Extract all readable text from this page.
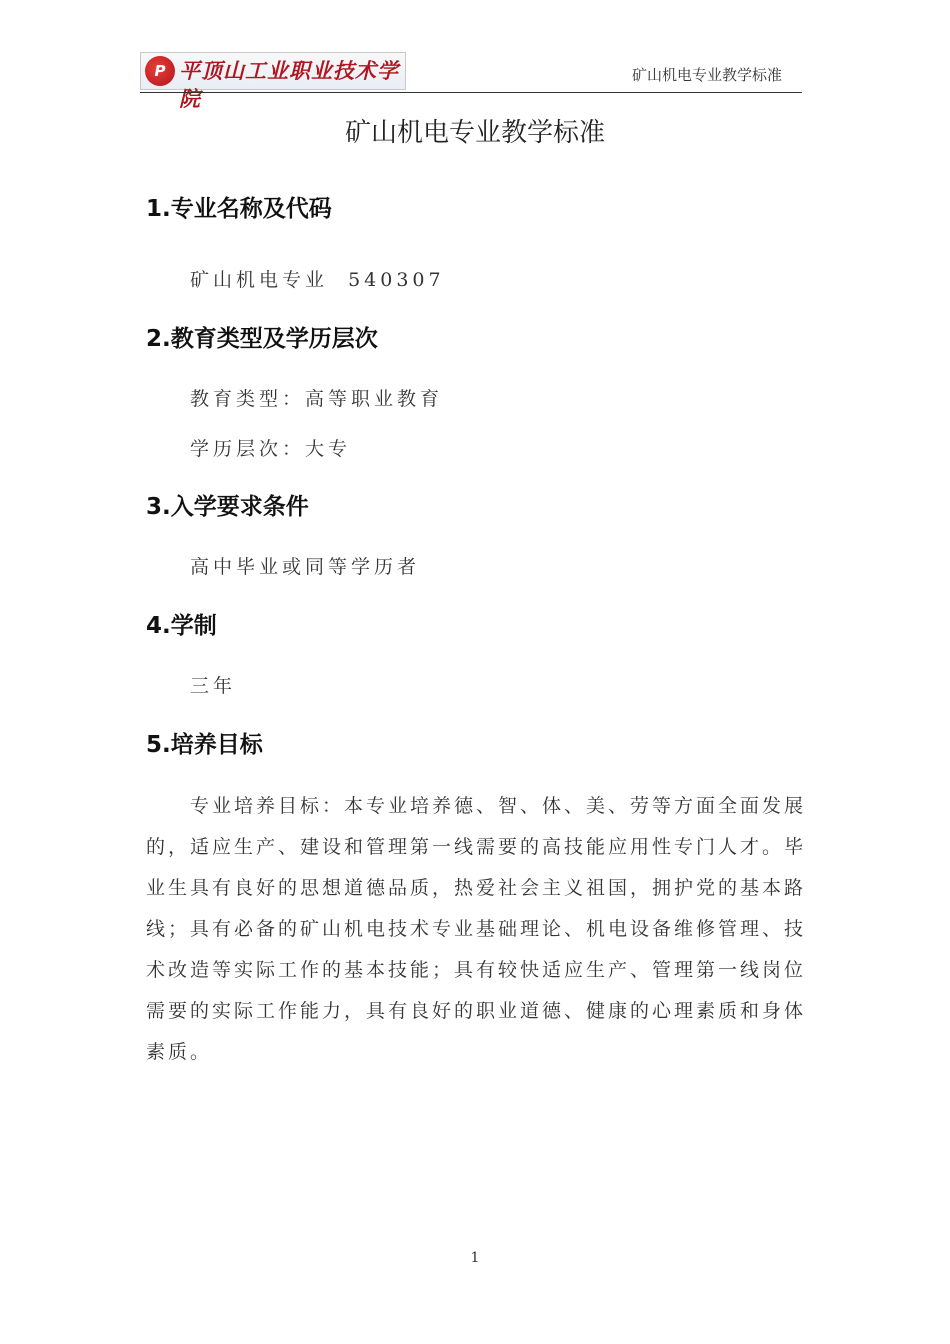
P 平顶山工业职业技术学院
矿山机电专业教学标准
矿山机电专业教学标准
1.专业名称及代码
矿山机电专业  540307
2.教育类型及学历层次
教育类型：高等职业教育
学历层次：大专
3.入学要求条件
高中毕业或同等学历者
4.学制
三年
5.培养目标
专业培养目标：本专业培养德、智、体、美、劳等方面全面发展的，适应生产、建设和管理第一线需要的高技能应用性专门人才。毕业生具有良好的思想道德品质，热爱社会主义祖国，拥护党的基本路线；具有必备的矿山机电技术专业基础理论、机电设备维修管理、技术改造等实际工作的基本技能；具有较快适应生产、管理第一线岗位需要的实际工作能力，具有良好的职业道德、健康的心理素质和身体素质。
1
